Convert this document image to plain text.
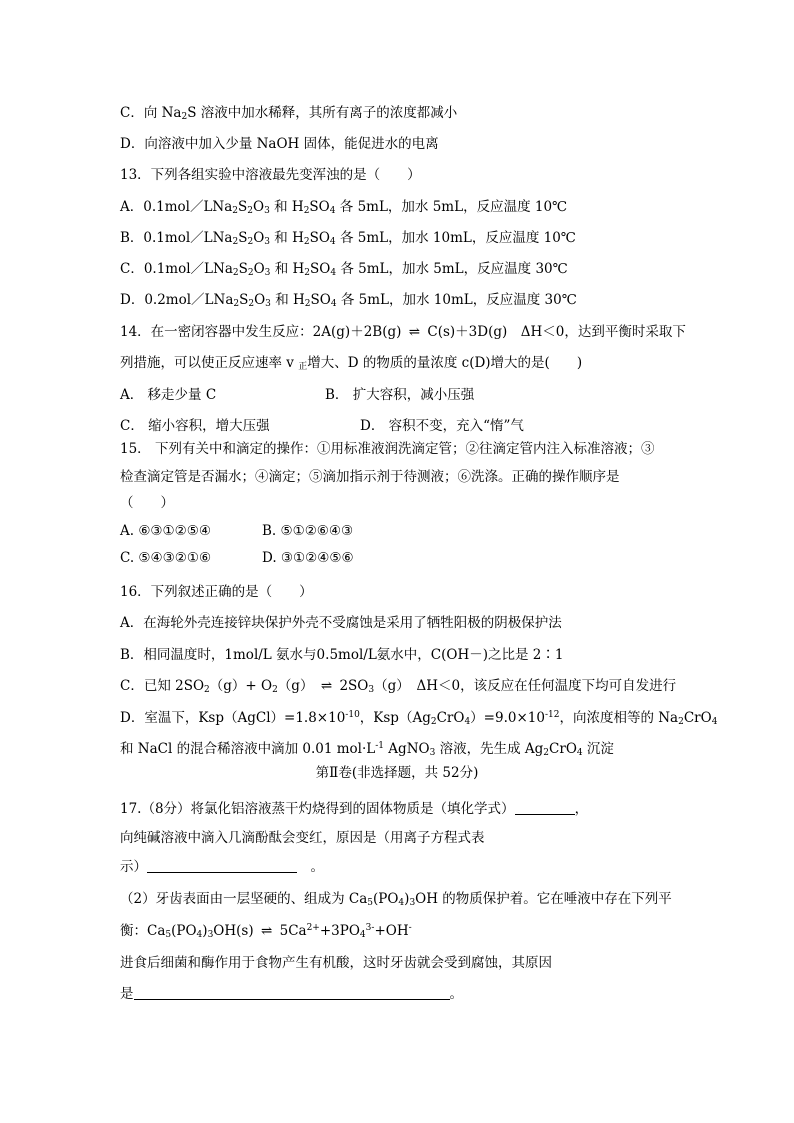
C．向 $Na_2S$ 溶液中加水稀释，其所有离子的浓度都减小
D．向溶液中加入少量 NaOH 固体，能促进水的电离
13．下列各组实验中溶液最先变浑浊的是（　　）
A．$0.1mol/LNa_2S_2O_3$ 和 $H_2SO_4$ 各 5mL，加水 5mL，反应温度 10℃
B．$0.1mol/LNa_2S_2O_3$ 和 $H_2SO_4$ 各 5mL，加水 10mL，反应温度 10℃
C．$0.1mol/LNa_2S_2O_3$ 和 $H_2SO_4$ 各 5mL，加水 5mL，反应温度 30℃
D．$0.2mol/LNa_2S_2O_3$ 和 $H_2SO_4$ 各 5mL，加水 10mL，反应温度 30℃
14．在一密闭容器中发生反应：2A(g)＋2B(g) ⇌ C(s)＋3D(g)　ΔH＜0，达到平衡时采取下
列措施，可以使正反应速率 v $_正$增大、D 的物质的量浓度 c(D)增大的是(　　)
A． 移走少量 C	B． 扩大容积，减小压强
C． 缩小容积，增大压强	D． 容积不变，充入“惰”气
15． 下列有关中和滴定的操作：①用标准液润洗滴定管；②往滴定管内注入标准溶液；③
检查滴定管是否漏水；④滴定；⑤滴加指示剂于待测液；⑥洗涤。正确的操作顺序是
（　　）
A. ⑥③①②⑤④	B. ⑤①②⑥④③
C. ⑤④③②①⑥	D. ③①②④⑤⑥
16．下列叙述正确的是（　　）
A．在海轮外壳连接锌块保护外壳不受腐蚀是采用了牺牲阳极的阴极保护法
B．相同温度时，1mol/L 氨水与0.5mol/L氨水中，C(OH－)之比是 2∶1
C．已知 $2SO_2(g)+ O_2(g)$ ⇌ $2SO_3(g)$　ΔH＜0，该反应在任何温度下均可自发进行
D．室温下，$Ksp(AgCl)=1.8\times 10^{-10}$，$Ksp(Ag_2CrO_4)=9.0\times 10^{-12}$，向浓度相等的 $Na_2CrO_4$
和 NaCl 的混合稀溶液中滴加 0.01 $mol\cdot L^{-1}$ AgNO$_3$ 溶液，先生成 $Ag_2CrO_4$ 沉淀
第Ⅱ卷(非选择题，共 52分)
17.（8分）将氯化铝溶液蒸干灼烧得到的固体物质是（填化学式）	，
向纯碱溶液中滴入几滴酚酞会变红，原因是（用离子方程式表
示）　	。
（2）牙齿表面由一层坚硬的、组成为 $Ca_5(PO_4)_3OH$ 的物质保护着。它在唾液中存在下列平
衡：$Ca_5(PO_4)_3OH(s)$ ⇌ $5Ca^{2+}+3PO_4^{3-}+OH^-$
进食后细菌和酶作用于食物产生有机酸，这时牙齿就会受到腐蚀，其原因
是	。
